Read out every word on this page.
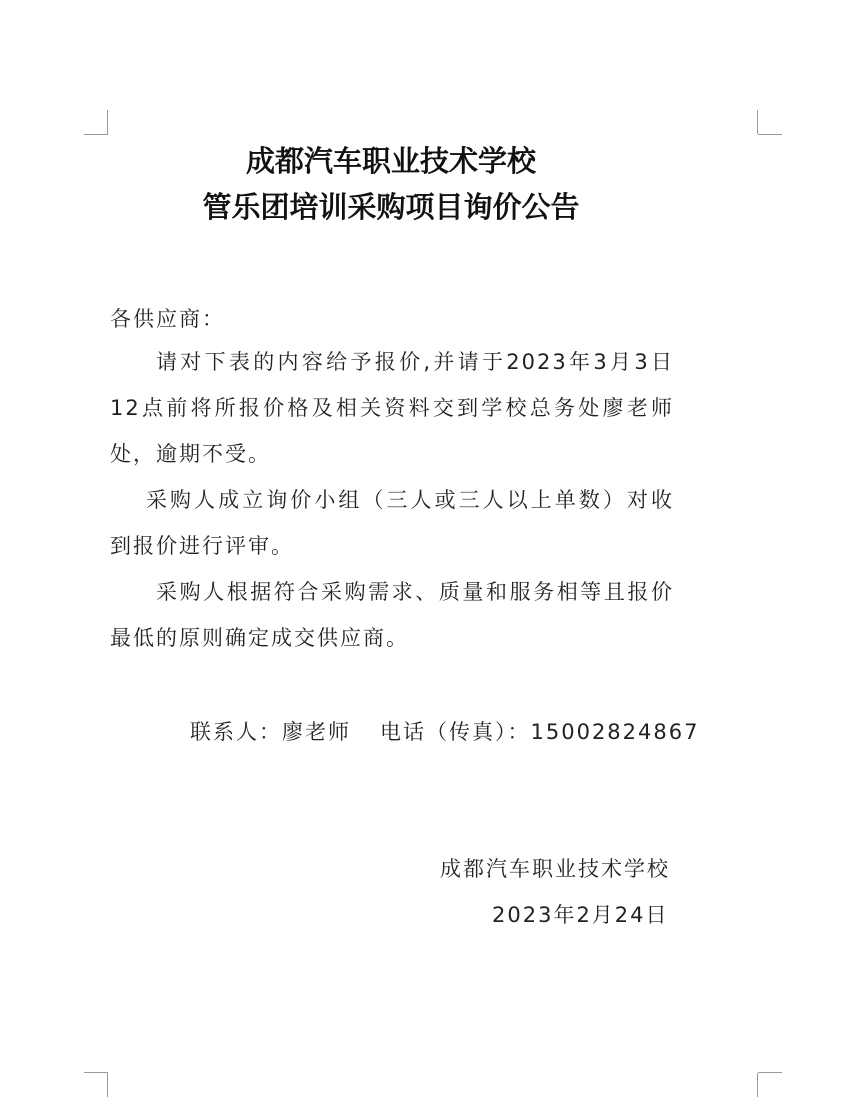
成都汽车职业技术学校
管乐团培训采购项目询价公告
各供应商：

请对下表的内容给予报价,并请于2023年3月3日12点前将所报价格及相关资料交到学校总务处廖老师处，逾期不受。

采购人成立询价小组（三人或三人以上单数）对收到报价进行评审。

采购人根据符合采购需求、质量和服务相等且报价最低的原则确定成交供应商。

联系人：廖老师 电话（传真）：15002824867
成都汽车职业技术学校
2023年2月24日
